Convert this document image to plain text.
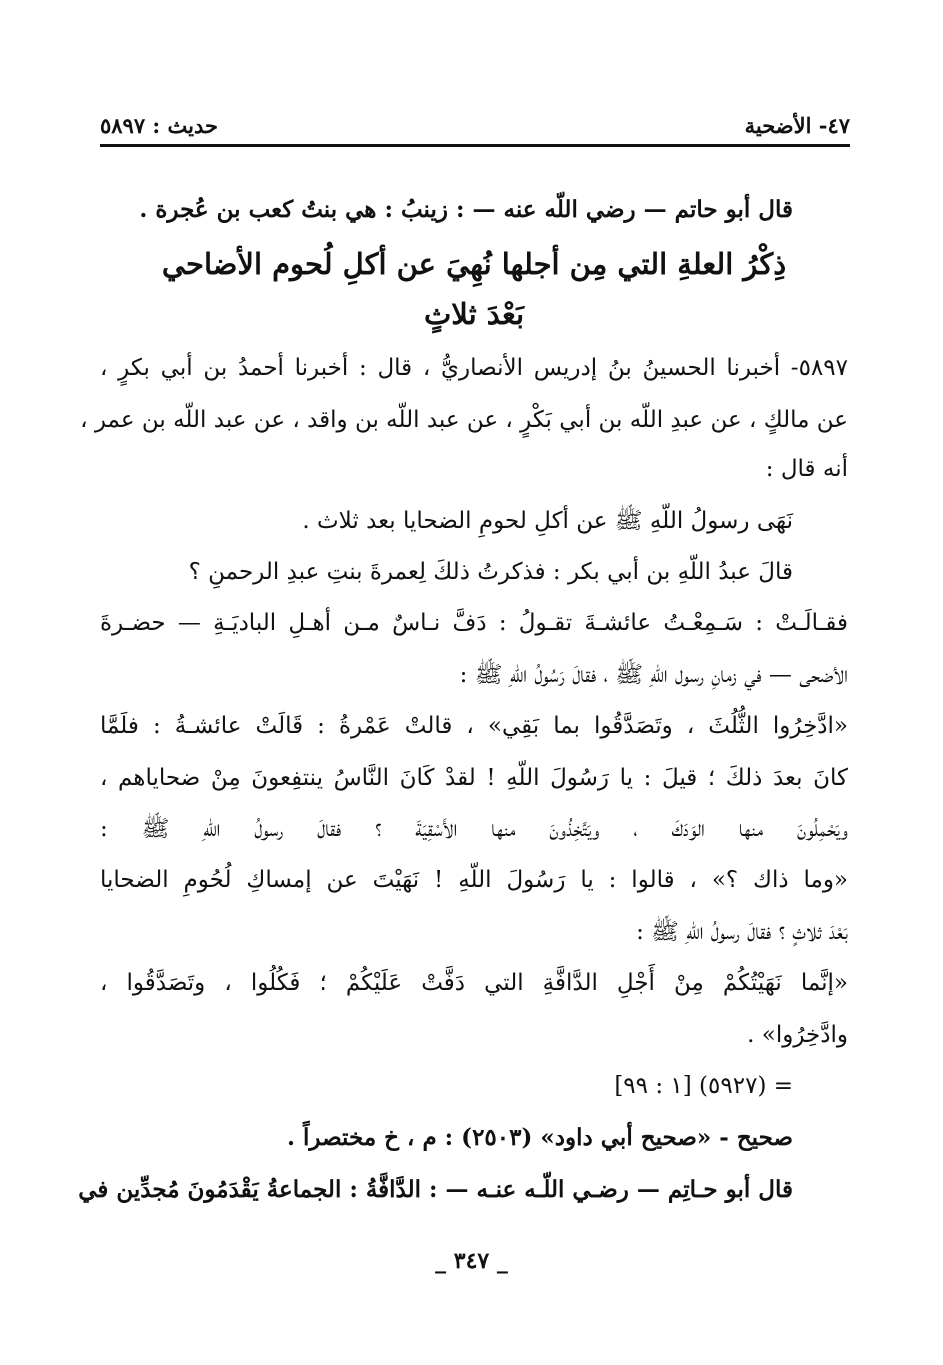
٤٧- الأضحية
حديث : ٥٨٩٧
قال أبو حاتم — رضي اللّه عنه — : زينبُ : هي بنتُ كعب بن عُجرة .
ذِكْرُ العلةِ التي مِن أجلها نُهِيَ عن أكلِ لُحوم الأضاحي
بَعْدَ ثلاثٍ
٥٨٩٧- أخبرنا الحسينُ بنُ إدريس الأنصاريُّ ، قال : أخبرنا أحمدُ بن أبي بكرٍ ،
عن مالكٍ ، عن عبدِ اللّه بن أبي بَكْرٍ ، عن عبد اللّه بن واقد ، عن عبد اللّه بن عمر ،
أنه قال :
نَهَى رسولُ اللّهِ ﷺ عن أكلِ لحومِ الضحايا بعد ثلاث .
قالَ عبدُ اللّهِ بن أبي بكر : فذكرتُ ذلكَ لِعمرةَ بنتِ عبدِ الرحمنِ ؟
فقـالَـتْ : سَـمِعْـتُ عائشـةَ تقـولُ : دَفَّ نـاسٌ مـن أهـلِ الباديَـةِ — حضـرةَ
الأضحى — في زمانِ رسول اللّهِ ﷺ ، فقالَ رَسُولُ اللّهِ ﷺ :
«ادَّخِرُوا الثُّلُثَ ، وتَصَدَّقُوا بما بَقِي» ، قالتْ عَمْرةُ : قَالَتْ عائشـةُ : فلَمَّا
كانَ بعدَ ذلكَ ؛ قيلَ : يا رَسُولَ اللّهِ ! لقدْ كَانَ النَّاسُ ينتفِعونَ مِنْ ضحاياهم ،
ويَحْمِلُونَ منها الوَدَكَ ، ويَتَّخِذُونَ منها الأَسْقِيَةَ ؟ فقالَ رسولُ اللّهِ ﷺ :
«وما ذاك ؟» ، قالوا : يا رَسُولَ اللّهِ ! نَهَيْتَ عن إمساكِ لُحُومِ الضحايا
بَعْدَ ثلاثٍ ؟ فقالَ رسولُ اللّهِ ﷺ :
«إنَّما نَهَيْتُكُمْ مِنْ أَجْلِ الدَّافَّةِ التي دَفَّتْ عَلَيْكُمْ ؛ فَكُلُوا ، وتَصَدَّقُوا ،
وادَّخِرُوا» .
= (٥٩٢٧) [١ : ٩٩]
صحيح - «صحيح أبي داود» (٢٥٠٣) : م ، خ مختصراً .
قال أبو حـاتِم — رضـي اللّـه عنـه — : الدَّافَّةُ : الجماعةُ يَقْدَمُونَ مُجدِّين في
_ ٣٤٧ _
